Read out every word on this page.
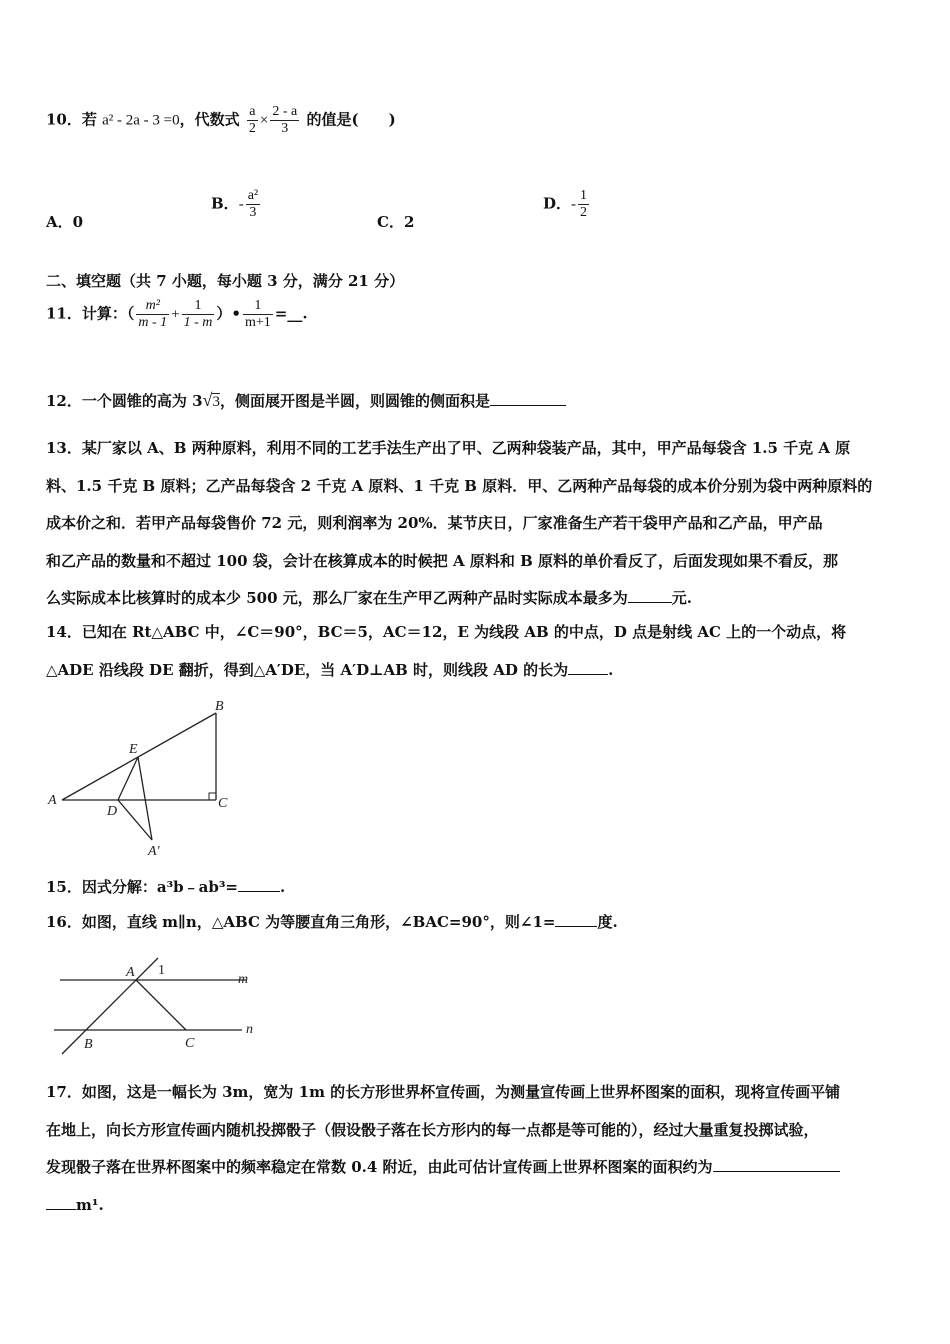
10．若 a² - 2a - 3 =0，代数式 $\frac{a}{2} \times \frac{2 - a}{3}$ 的值是(　　)
A．0
B．- $\frac{\text{a²}}{3}$
C．2
D．- $\frac{1}{2}$
二、填空题（共 7 小题，每小题 3 分，满分 21 分）
11．计算：（ $\frac{\text{m²}}{m - 1} + \frac{1}{1 - m}$ ）• $\frac{1}{m+1}$ =__.
12．一个圆锥的高为 3√3，侧面展开图是半圆，则圆锥的侧面积是
13．某厂家以 A、B 两种原料，利用不同的工艺手法生产出了甲、乙两种袋装产品，其中，甲产品每袋含 1.5 千克 A 原
料、1.5 千克 B 原料；乙产品每袋含 2 千克 A 原料、1 千克 B 原料．甲、乙两种产品每袋的成本价分别为袋中两种原料的
成本价之和．若甲产品每袋售价 72 元，则利润率为 20%．某节庆日，厂家准备生产若干袋甲产品和乙产品，甲产品
和乙产品的数量和不超过 100 袋，会计在核算成本的时候把 A 原料和 B 原料的单价看反了，后面发现如果不看反，那
么实际成本比核算时的成本少 500 元，那么厂家在生产甲乙两种产品时实际成本最多为	元.
14．已知在 Rt△ABC 中，∠C＝90°，BC＝5，AC＝12，E 为线段 AB 的中点，D 点是射线 AC 上的一个动点，将
△ADE 沿线段 DE 翻折，得到△A′DE，当 A′D⊥AB 时，则线段 AD 的长为	.
A
B
C
D
E
A′
15．因式分解：a³b﹣ab³=	.
16．如图，直线 m∥n，△ABC 为等腰直角三角形，∠BAC=90°，则∠1=	度.
A 1
m
n
B	C
17．如图，这是一幅长为 3m，宽为 1m 的长方形世界杯宣传画，为测量宣传画上世界杯图案的面积，现将宣传画平铺
在地上，向长方形宣传画内随机投掷骰子（假设骰子落在长方形内的每一点都是等可能的），经过大量重复投掷试验，
发现骰子落在世界杯图案中的频率稳定在常数 0.4 附近，由此可估计宣传画上世界杯图案的面积约为
m¹.
